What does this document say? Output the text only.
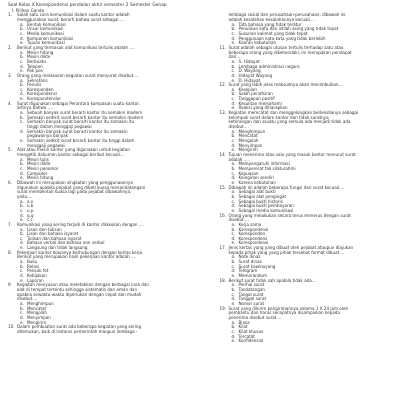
Soal Kelas X Korespondensi pendalan akhir semester 2 Semester Genap

I. Pilihan Ganda

1.	Salah satu cara komunikasi dalam suatu kantor adalah
menggunakan surat, berarti bahwa surat sebagai ....
a. Bentuk komunikasi
b. Unsur komunikasi
c. Media komunikasi
d. Komponen komunikasi
e. Tujuan komunikasi
2.	Berikut yang termasuk alat komunikasi tertulis adalah ....
a. Mesin hitung
b. Mesin dikte
c. Berbuatu
d. Telepon
e. Pak pos
3.	Orang yang melakukan kegiatan surat menyurat disebut....
a. Sekretaris
b. Penulis
c. Koresponden
d. Korespondensi
e. Korespondensior
4.	Surat digunakan sebagai Perantara kampasan suatu kantor,
artinya bahwa ....
a. Sebuah banyak surat berarti kantor itu semakin modern
b. Semakin sedikit surat berarti kantor itu semakin modern
c. Semakin banyak surat berarti kantor itu semakin itu
tinggi dalam menggaji pegawai
d. Semakin banyak surat berarti kantor itu semakin
pegawainya banyak
e. Semakin sedikit surat berarti kantor itu tinggi dalam
menggaji pegawai
5.	Alat atau mesin kantor yang digunakan untuk kegiatan
mengetik dokumen kantor sebagai berikut kecuali....
a. Mesin tulis
b. Mesin dikte
c. Mesin penomor
d. Computer
e. Mesin hitung
6.	Dibawah ini merupakan singkatan yang penggunaannya
digunakan apabila pejabat yang dibeti kuasa menandatangani
surat membentuk kuasa lagi pada pejabat dibawahnya,
yaitu....
a. a.n
b. u.b
c. u.p
d. q.q
e. c.c
7.	Komunikasi yang sering terjadi di kantor dilakukan dengan ....
a. Lisan dan tulisan
b. Lisan dan bahasa isyarat
c. Tulisan dan bahasa isyarat
d. Bahasa verbal dan bahasa non verbal
e. Langsung dan tidak langsung
8.	Pekerjaan kantor biasanya berhubungan dengan kertas kerja.
Berikut yang merupakan hasil pekerjaan kantor adalah ....
a. Buku
b. Relasi
c. Pensuk fot
d. Kebijakan
e. Laporan
9.	Kegiatan menyusun atau meletakkan dengan berbagai cara dan
alat di tempat tertentu sehingga sistematis dan aman dan
apabila sewaktu-waktu diperlukan dengan cepat dan mudah
disebut....
a. Menghimpun
b. Mencatat
c. Mengolah
d. Menyimpan
e. Mengirim
10. Dalam pembuatan surat ada beberapa kegiatan yang sering
ditemukan, baik di instansi pemerintah maupun lembaga -
lembaga sosial dan perusahaan-perusahaan, dibawah ini
adalah kesalahan-kesalahannya kecuali....
a. Tata bahasa yang tidak teratur
b. Penulisan kata dan istilah asing yang tidak tepat
c. Susunan kalimat yang tidak tepat
d. Penggunaan kata-kata yang tidak berlebih
e. Kaeran kebutuhan
11. Surat adalah sebagai utusan tertulis terhadap satu atau
beberapa orang yang dikehendaki, ini merupakan pendapat
dari....
a. S. Hidayat
b. Lembaga administrasi negara
c. D. Wayang
d. Hidayat Wayang
e. D. Hidayat
12. Surat yang lebih jelas maksudnya akan menimbulkan....
a. Kesepian
b. Salah penafsiran
c. Tanggapan positif
d. Kesulitan memahami
e. Reaksi yang diharapkan
13. Kegiatan memcatat dan menggolongkan berkesdianya sebagai
kelompok surat dalam kantor dan tidak suratnya
keterangan dan ssuatu yang semula ada menjadi tidak ada
disebut....
a. Menghimpun
b. Mencatat
c. Mengolah
d. Menyimpan
e. Mengirim
14. Tujuan menerima atau salu yang masuk kantor menurut surat
adalah ....
a. Mempengaruhi informasi
b. Mempererat tali silaturahmi
c. Kepuasan
d. Keinginan sendiri
e. Karena kebutuhan
15. Dibawah ini adalah beberapa fungsi dari surat kecuali....
a. Sebagai alat bukti
b. Sebagai alat pengingat
c. Sebagai bukti historis
d. Sebagai bukti pembayaran
e. Sebagai media komunikasi
16. Orang yang melakukan secara terus menerus dengan surat
disebut....
a. Kerja sama
b. Korespondensi
c. Koresponden
d. Korespondens
e. Korespondensi
17. Jenis kertas yang yang dibuat oleh pejabat ataupun diajukan
kepada pihak yang yang pihak tersebut format dibuat....
a. Note dinas
b. Surat dinas
c. Surat kawinoyang
d. Telegram
e. Memorandum
18. Berikut surat tidak sah apabila tidak ada....
a. Perihal surat
b. Tandatangan
c. Tangal surat
d. Tanggal surat
e. Nomor surat
19. Surat yang dikirim pengirimannya selama 1 X 24 jam oleh
pembantu dan harus secepatnya disampaikan kepada
penerima disebut surat....
a. Biasa
b. Kilat
c. Kilat khusus
d. Tercatat
e. Konfidensial
